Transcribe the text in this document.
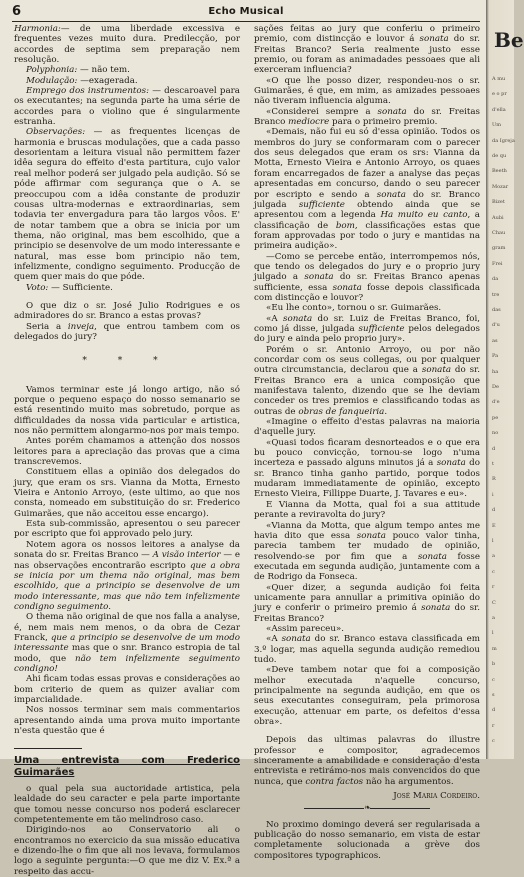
6	Echo Musical

Harmonia:— de uma liberdade excessiva e frequentes vezes muito dura. Predilecção, por accordes de septima sem preparação nem resolução.

Polyphonia: — não tem.

Modulação: —exagerada.

Emprego dos instrumentos: — descaroavel para os executantes; na segunda parte ha uma série de accordes para o violino que é singularmente estranha.

Observações: — as frequentes licenças de harmonia e bruscas modulações, que a cada passo desorientam a leitura visual não permittem fazer idêa segura do effeito d'esta partitura, cujo valor real melhor poderá ser julgado pela audição. Só se póde affirmar com segurança que o A. se preoccupou com a idêa constante de produzir cousas ultra-modernas e extraordinarias, sem todavia ter envergadura para tão largos vôos. E' de notar tambem que a obra se inicia por um thema, não original, mas bem escolhido, que a principio se desenvolve de um modo interessante e natural, mas esse bom principio não tem, infelizmente, condigno seguimento. Producção de quem quer mais do que póde.

Voto: — Sufficiente.

O que diz o sr. José Julio Rodrigues e os admiradores do sr. Branco a estas provas?

Seria a inveja, que entrou tambem com os delegados do jury?

* * *

Vamos terminar este já longo artigo, não só porque o pequeno espaço do nosso semanario se está resentindo muito mas sobretudo, porque as difficuldades da nossa vida particular e artistica, nos não permittem alongarmo-nos por mais tempo.

Antes porém chamamos a attenção dos nossos leitores para a apreciação das provas que a cima transcrevemos.

Constituem ellas a opinião dos delegados do jury, que eram os srs. Vianna da Motta, Ernesto Vieira e Antonio Arroyo, (este ultimo, ao que nos consta, nomeado em substituição do sr. Frederico Guimarães, que não acceitou esse encargo).

Esta sub-commissão, apresentou o seu parecer por escripto que foi approvado pelo jury.

Notem agora os nossos leitores a analyse da sonata do sr. Freitas Branco — A visão interior — e nas observações encontrarão escripto que a obra se inicia por um thema não original, mas bem escolhido, que a principio se desenvolve de um modo interessante, mas que não tem infelizmente condigno seguimento.

O thema não original de que nos falla a analyse, é, nem mais nem menos, o da obra de Cezar Franck, que a principio se desenvolve de um modo interessante mas que o snr. Branco estropia de tal modo, que não tem infelizmente seguimento condigno!

Ahi ficam todas essas provas e considerações ao bom criterio de quem as quizer avaliar com imparcialidade.

Nos nossos terminar sem mais commentarios apresentando ainda uma prova muito importante n'esta questão que é

Uma entrevista com Frederico Guimarães

o qual pela sua auctoridade artistica, pela lealdade do seu caracter e pela parte importante que tomou nesse concurso nos poderá esclarecer competentemente em tão melindroso caso.

Dirigindo-nos ao Conservatorio ali o encontramos no exercicio da sua missão educativa e dizendo-lhe o fim que ali nos levava, formulamos logo a seguinte pergunta:—O que me diz V. Ex.ª a respeito das accu-

sações feitas ao jury que conferiu o primeiro premio, com distincção e louvor á sonata do sr. Freitas Branco? Seria realmente justo esse premio, ou foram as animadades pessoaes que ali exerceram influencia?

«O que lhe posso dizer, respondeu-nos o sr. Guimarães, é que, em mim, as amizades pessoaes não tiveram influencia alguma.

«Considerei sempre a sonata do sr. Freitas Branco mediocre para o primeiro premio.

«Demais, não fui eu só d'essa opinião. Todos os membros do jury se conformaram com o parecer dos seus delegados que eram os srs: Vianna da Motta, Ernesto Vieira e Antonio Arroyo, os quaes foram encarregados de fazer a analyse das peças apresentadas em concurso, dando o seu parecer por escripto e sendo a sonata do sr. Branco julgada sufficiente obtendo ainda que se apresentou com a legenda Ha muito eu canto, a classificação de bom, classificações estas que foram approvadas por todo o jury e mantidas na primeira audição».

—Como se percebe então, interrompemos nós, que tendo os delegados do jury e o proprio jury julgado a sonata do sr. Freitas Branco apenas sufficiente, essa sonata fosse depois classificada com distincção e louvor?

«Eu lhe conto», tornou o sr. Guimarães.

«A sonata do sr. Luiz de Freitas Branco, foi, como já disse, julgada sufficiente pelos delegados do jury e ainda pelo proprio jury».

Porém o sr. Antonio Arroyo, ou por não concordar com os seus collegas, ou por qualquer outra circumstancia, declarou que a sonata do sr. Freitas Branco era a unica composição que manifestava talento, dizendo que se lhe deviam conceder os tres premios e classificando todas as outras de obras de fanqueiria.

«Imagine o effeito d'estas palavras na maioria d'aquelle jury.

«Quasi todos ficaram desnorteados e o que era bu pouco convicção, tornou-se logo n'uma incerteza e passado alguns minutos já a sonata do sr. Branco tinha ganho partido, porque todos mudaram immediatamente de opinião, excepto Ernesto Vieira, Fillippe Duarte, J. Tavares e eu».

E Vianna da Motta, qual foi a sua attitude perante a reviravolta do jury?

«Vianna da Motta, que algum tempo antes me havia dito que essa sonata pouco valor tinha, parecia tambem ter mudado de opinião, resolvendo-se por fim que a sonata fosse executada em segunda audição, juntamente com a de Rodrigo da Fonseca.

«Quer dizer, a segunda audição foi feita unicamente para annullar a primitiva opinião do jury e conferir o primeiro premio á sonata do sr. Freitas Branco?

«Assim pareceu».

«A sonata do sr. Branco estava classificada em 3.º logar, mas aquella segunda audição remediou tudo.

«Deve tambem notar que foi a composição melhor executada n'aquelle concurso, principalmente na segunda audição, em que os seus executantes conseguiram, pela primorosa execução, attenuar em parte, os defeitos d'essa obra».

Depois das ultimas palavras do illustre professor e compositor, agradecemos sinceramente a amabilidade e consideração d'esta entrevista e retirámo-nos mais convencidos do que nunca, que contra factos não ha argumentos.

José Maria Cordeiro.
❧

No proximo domingo deverá ser regularisada a publicação do nosso semanario, em vista de estar completamente solucionada a grève dos compositores typographicos.

Be
A mu
e o pr
d'ella
Um
da Igreja
de qu
Beeth
Mozar
Bizet
Aubi
Chau
gram
Frei
da
tre
das
d'u
as
Pa
ha
De
d'e
pe
no
d
t
R
i
d
E
l
a
c
r
C
a
l
m
b
c
s
d
r
c
